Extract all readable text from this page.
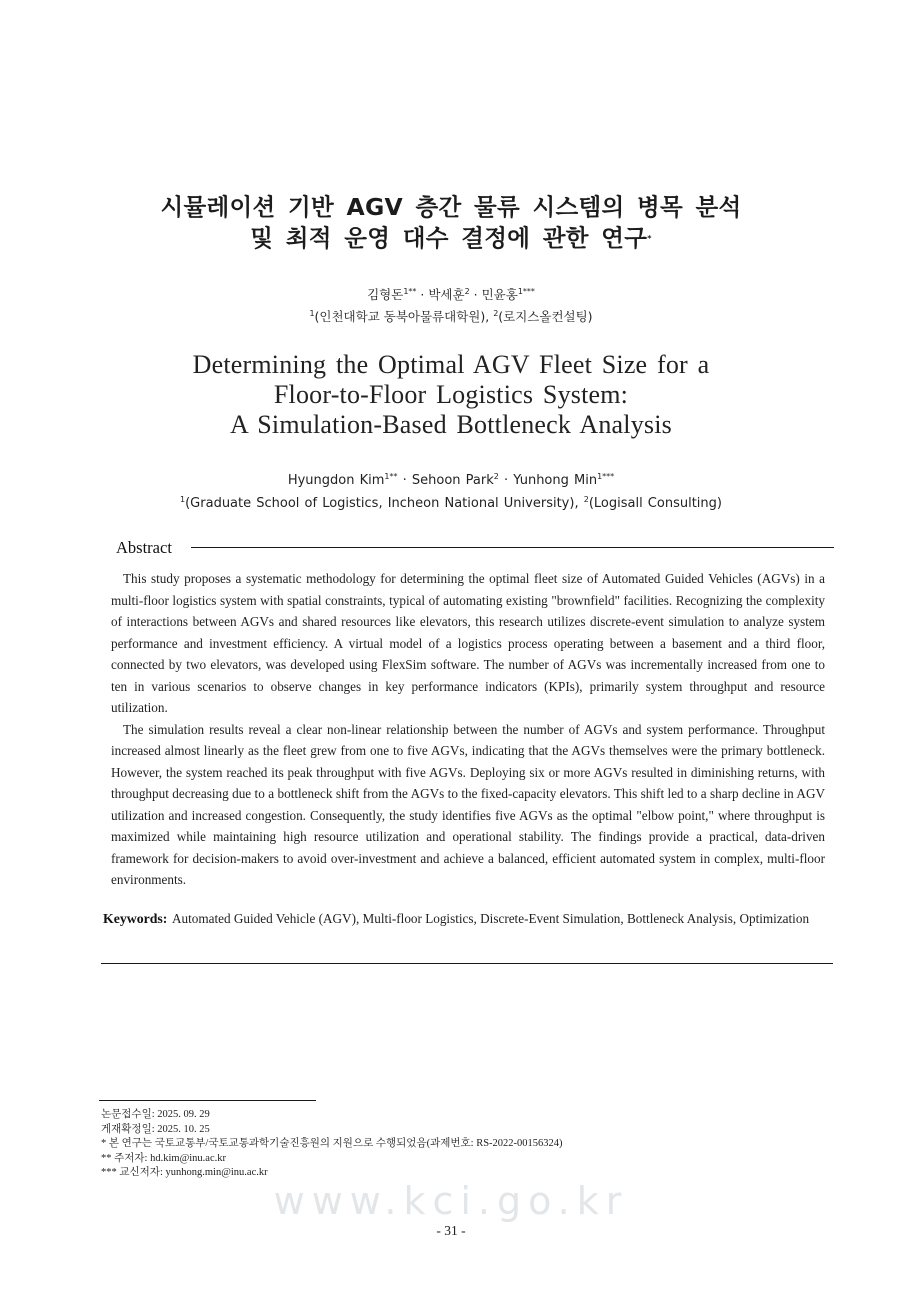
시뮬레이션 기반 AGV 층간 물류 시스템의 병목 분석
및 최적 운영 대수 결정에 관한 연구*
김형돈$^{1**}$ · 박세훈$^2$ · 민윤홍$^{1***}$
$^1$(인천대학교 동북아물류대학원), $^2$(로지스올컨설팅)
Determining the Optimal AGV Fleet Size for a
Floor-to-Floor Logistics System:
A Simulation-Based Bottleneck Analysis
Hyungdon Kim$^{1**}$ · Sehoon Park$^2$ · Yunhong Min$^{1***}$
$^1$(Graduate School of Logistics, Incheon National University), $^2$(Logisall Consulting)
Abstract

This study proposes a systematic methodology for determining the optimal fleet size of Automated Guided Vehicles (AGVs) in a multi-floor logistics system with spatial constraints, typical of automating existing "brownfield" facilities. Recognizing the complexity of interactions between AGVs and shared resources like elevators, this research utilizes discrete-event simulation to analyze system performance and investment efficiency. A virtual model of a logistics process operating between a basement and a third floor, connected by two elevators, was developed using FlexSim software. The number of AGVs was incrementally increased from one to ten in various scenarios to observe changes in key performance indicators (KPIs), primarily system throughput and resource utilization.

The simulation results reveal a clear non-linear relationship between the number of AGVs and system performance. Throughput increased almost linearly as the fleet grew from one to five AGVs, indicating that the AGVs themselves were the primary bottleneck. However, the system reached its peak throughput with five AGVs. Deploying six or more AGVs resulted in diminishing returns, with throughput decreasing due to a bottleneck shift from the AGVs to the fixed-capacity elevators. This shift led to a sharp decline in AGV utilization and increased congestion. Consequently, the study identifies five AGVs as the optimal "elbow point," where throughput is maximized while maintaining high resource utilization and operational stability. The findings provide a practical, data-driven framework for decision-makers to avoid over-investment and achieve a balanced, efficient automated system in complex, multi-floor environments.

Keywords: Automated Guided Vehicle (AGV), Multi-floor Logistics, Discrete-Event Simulation, Bottleneck Analysis, Optimization
논문접수일: 2025. 09. 29
게재확정일: 2025. 10. 25
* 본 연구는 국토교통부/국토교통과학기술진흥원의 지원으로 수행되었음(과제번호: RS-2022-00156324)
** 주저자: hd.kim@inu.ac.kr
*** 교신저자: yunhong.min@inu.ac.kr
www.kci.go.kr
- 31 -
